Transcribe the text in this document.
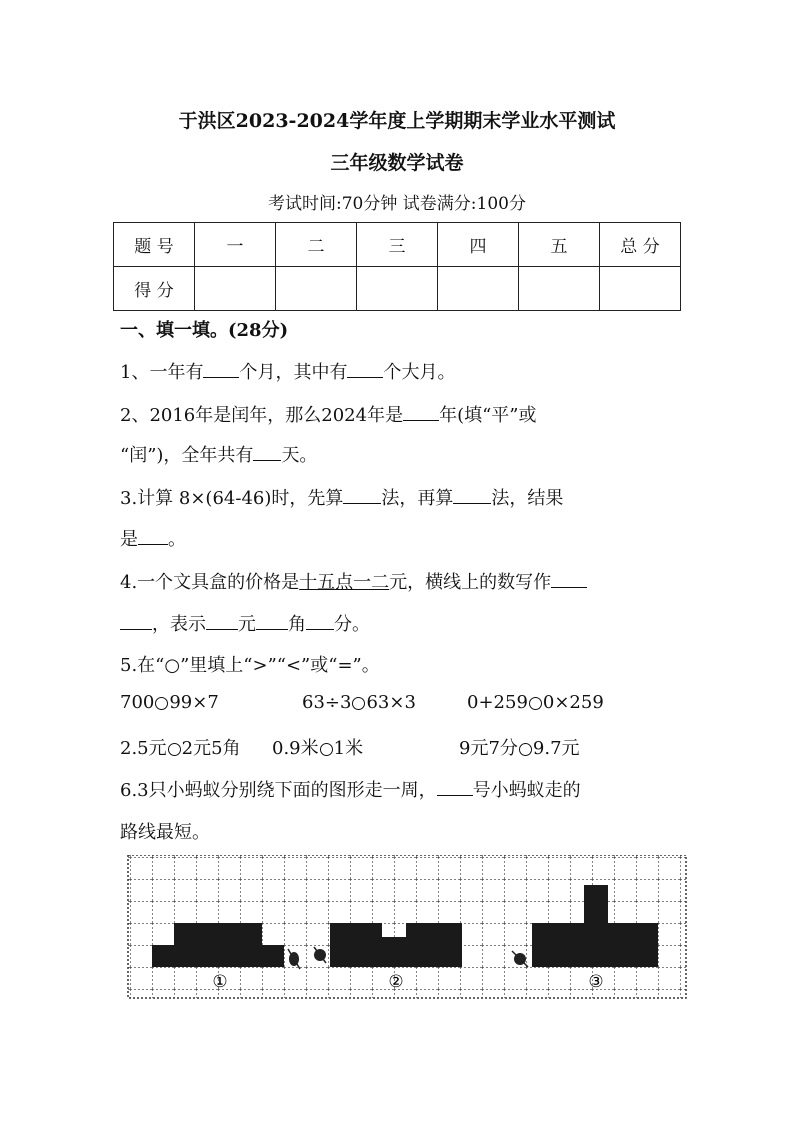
于洪区2023-2024学年度上学期期末学业水平测试
三年级数学试卷
考试时间:70分钟 试卷满分:100分
题 号	一	二	三	四	五	总 分
得 分						
一、填一填。(28分)
1、一年有 个月，其中有 个大月。
2、2016年是闰年，那么2024年是 年(填“平”或
“闰”)，全年共有 天。
3.计算 8×(64-46)时，先算 法，再算 法，结果
是 。
4.一个文具盒的价格是十五点一二元，横线上的数写作
，表示 元 角 分。
5.在“○”里填上“>”“<”或“=”。
700 99×7	63÷3 63×3	0+259 0×259
2.5元 2元5角 0.9米 1米	9元7分 9.7元
6.3只小蚂蚁分别绕下面的图形走一周， 号小蚂蚁走的
路线最短。
①	②	③
